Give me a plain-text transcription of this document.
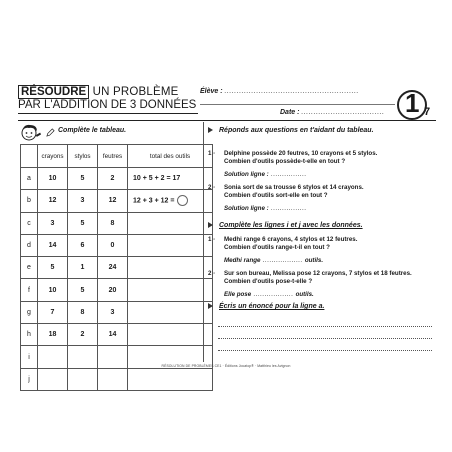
RÉSOUDRE UN PROBLÈME
PAR L'ADDITION DE 3 DONNÉES
Élève : .......................................................
Date : .................................. 1 7
Complète le tableau.
	crayons	stylos	feutres	total des outils
a	10	5	2	10 + 5 + 2 = 17
b	12	3	12	12 + 3 + 12 =
c	3	5	8	
d	14	6	0	
e	5	1	24	
f	10	5	20	
g	7	8	3	
h	18	2	14	
i				
j				
Réponds aux questions en t'aidant du tableau.
1 ◦ Delphine possède 20 feutres, 10 crayons et 5 stylos.
Combien d'outils possède-t-elle en tout ?
Solution ligne : ................
2 ◦ Sonia sort de sa trousse 6 stylos et 14 crayons.
Combien d'outils sort-elle en tout ?
Solution ligne : ................
Complète les lignes i et j avec les données.
1 ◦ Medhi range 6 crayons, 4 stylos et 12 feutres.
Combien d'outils range-t-il en tout ?
Medhi range .................. outils.
2 ◦ Sur son bureau, Melissa pose 12 crayons, 7 stylos et 18 feutres.
Combien d'outils pose-t-elle ?
Elle pose .................. outils.
Écris un énoncé pour la ligne a.
RÉSOLUTION DE PROBLÈMES CE1 · Éditions Jocatop® · Matthieu les Avignon
